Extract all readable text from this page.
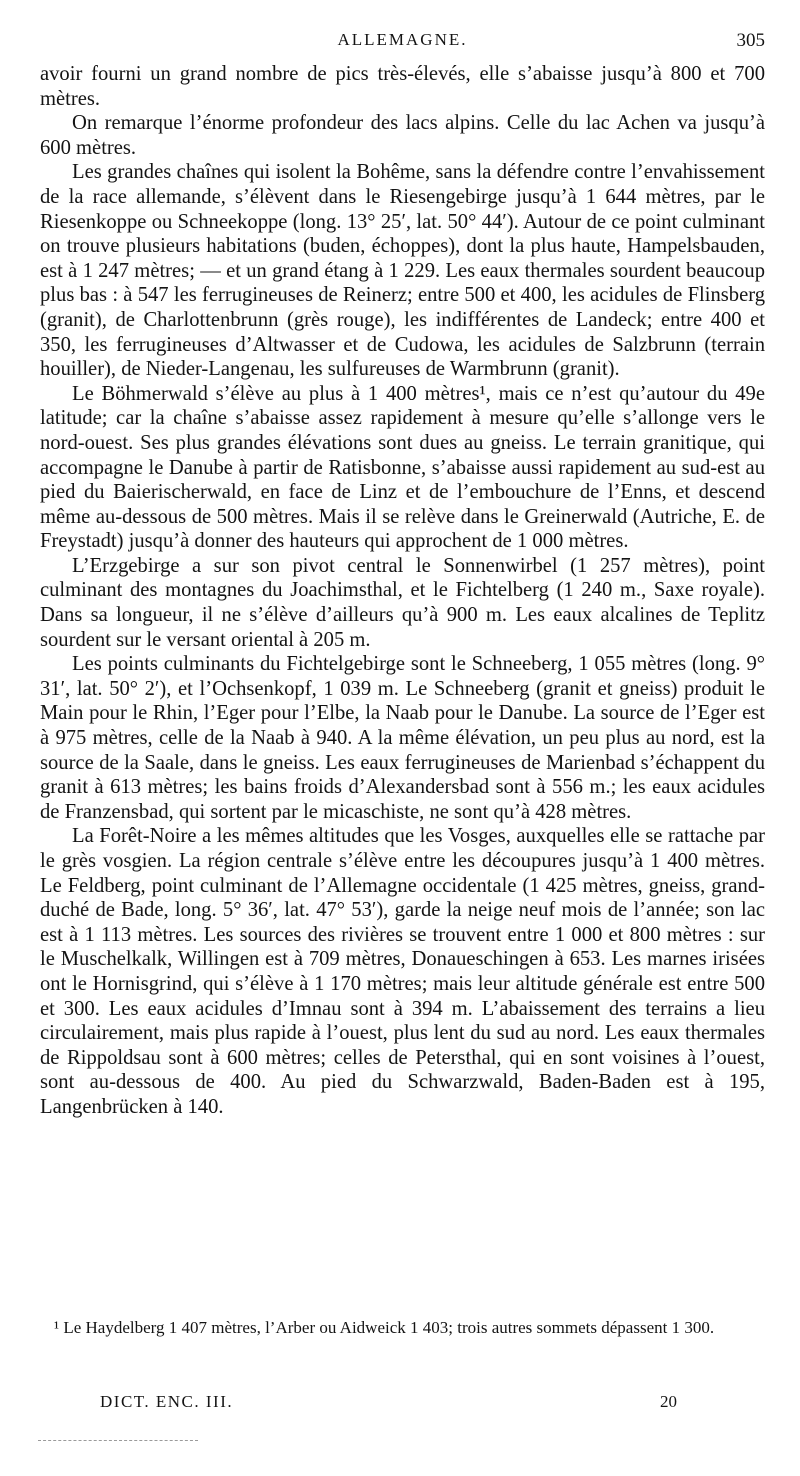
ALLEMAGNE.	305

avoir fourni un grand nombre de pics très-élevés, elle s’abaisse jusqu’à 800 et 700 mètres.

On remarque l’énorme profondeur des lacs alpins. Celle du lac Achen va jusqu’à 600 mètres.

Les grandes chaînes qui isolent la Bohême, sans la défendre contre l’envahissement de la race allemande, s’élèvent dans le Riesengebirge jusqu’à 1 644 mètres, par le Riesenkoppe ou Schneekoppe (long. 13° 25′, lat. 50° 44′). Autour de ce point culminant on trouve plusieurs habitations (buden, échoppes), dont la plus haute, Hampelsbauden, est à 1 247 mètres; — et un grand étang à 1 229. Les eaux thermales sourdent beaucoup plus bas : à 547 les ferrugineuses de Reinerz; entre 500 et 400, les acidules de Flinsberg (granit), de Charlottenbrunn (grès rouge), les indifférentes de Landeck; entre 400 et 350, les ferrugineuses d’Altwasser et de Cudowa, les acidules de Salzbrunn (terrain houiller), de Nieder-Langenau, les sulfureuses de Warmbrunn (granit).

Le Böhmerwald s’élève au plus à 1 400 mètres¹, mais ce n’est qu’autour du 49e latitude; car la chaîne s’abaisse assez rapidement à mesure qu’elle s’allonge vers le nord-ouest. Ses plus grandes élévations sont dues au gneiss. Le terrain granitique, qui accompagne le Danube à partir de Ratisbonne, s’abaisse aussi rapidement au sud-est au pied du Baierischerwald, en face de Linz et de l’embouchure de l’Enns, et descend même au-dessous de 500 mètres. Mais il se relève dans le Greinerwald (Autriche, E. de Freystadt) jusqu’à donner des hauteurs qui approchent de 1 000 mètres.

L’Erzgebirge a sur son pivot central le Sonnenwirbel (1 257 mètres), point culminant des montagnes du Joachimsthal, et le Fichtelberg (1 240 m., Saxe royale). Dans sa longueur, il ne s’élève d’ailleurs qu’à 900 m. Les eaux alcalines de Teplitz sourdent sur le versant oriental à 205 m.

Les points culminants du Fichtelgebirge sont le Schneeberg, 1 055 mètres (long. 9° 31′, lat. 50° 2′), et l’Ochsenkopf, 1 039 m. Le Schneeberg (granit et gneiss) produit le Main pour le Rhin, l’Eger pour l’Elbe, la Naab pour le Danube. La source de l’Eger est à 975 mètres, celle de la Naab à 940. A la même élévation, un peu plus au nord, est la source de la Saale, dans le gneiss. Les eaux ferrugineuses de Marienbad s’échappent du granit à 613 mètres; les bains froids d’Alexandersbad sont à 556 m.; les eaux acidules de Franzensbad, qui sortent par le micaschiste, ne sont qu’à 428 mètres.

La Forêt-Noire a les mêmes altitudes que les Vosges, auxquelles elle se rattache par le grès vosgien. La région centrale s’élève entre les découpures jusqu’à 1 400 mètres. Le Feldberg, point culminant de l’Allemagne occidentale (1 425 mètres, gneiss, grand-duché de Bade, long. 5° 36′, lat. 47° 53′), garde la neige neuf mois de l’année; son lac est à 1 113 mètres. Les sources des rivières se trouvent entre 1 000 et 800 mètres : sur le Muschelkalk, Willingen est à 709 mètres, Donaueschingen à 653. Les marnes irisées ont le Hornisgrind, qui s’élève à 1 170 mètres; mais leur altitude générale est entre 500 et 300. Les eaux acidules d’Imnau sont à 394 m. L’abaissement des terrains a lieu circulairement, mais plus rapide à l’ouest, plus lent du sud au nord. Les eaux thermales de Rippoldsau sont à 600 mètres; celles de Petersthal, qui en sont voisines à l’ouest, sont au-dessous de 400. Au pied du Schwarzwald, Baden-Baden est à 195, Langenbrücken à 140.

¹ Le Haydelberg 1 407 mètres, l’Arber ou Aidweick 1 403; trois autres sommets dépassent 1 300.
DICT. ENC. III.	20
